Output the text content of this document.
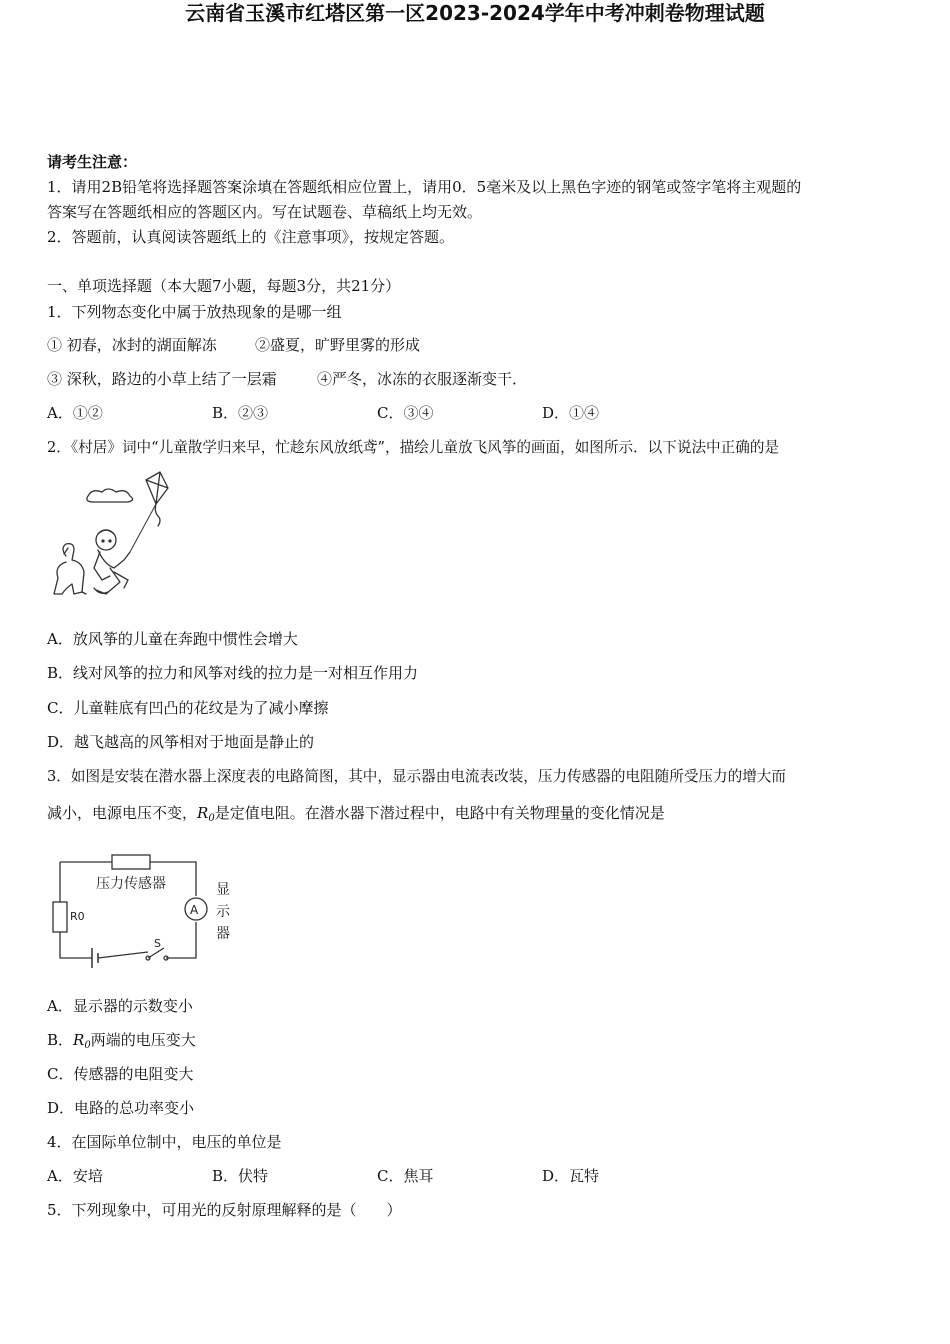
云南省玉溪市红塔区第一区2023-2024学年中考冲刺卷物理试题
请考生注意：
1．请用2B铅笔将选择题答案涂填在答题纸相应位置上，请用0．5毫米及以上黑色字迹的钢笔或签字笔将主观题的
答案写在答题纸相应的答题区内。写在试题卷、草稿纸上均无效。
2．答题前，认真阅读答题纸上的《注意事项》，按规定答题。
一、单项选择题（本大题7小题，每题3分，共21分）
1．下列物态变化中属于放热现象的是哪一组
① 初春，冰封的湖面解冻	②盛夏，旷野里雾的形成
③ 深秋，路边的小草上结了一层霜	④严冬，冰冻的衣服逐渐变干．
A．①②	B．②③	C．③④	D．①④
2．《村居》词中“儿童散学归来早，忙趁东风放纸鸢”，描绘儿童放飞风筝的画面，如图所示．以下说法中正确的是
A．放风筝的儿童在奔跑中惯性会增大
B．线对风筝的拉力和风筝对线的拉力是一对相互作用力
C．儿童鞋底有凹凸的花纹是为了减小摩擦
D．越飞越高的风筝相对于地面是静止的
3．如图是安装在潜水器上深度表的电路简图，其中，显示器由电流表改装，压力传感器的电阻随所受压力的增大而
减小，电源电压不变，$R_0$是定值电阻。在潜水器下潜过程中，电路中有关物理量的变化情况是
压力传感器
R0	A
S
显
示
器
A．显示器的示数变小
B．$R_0$两端的电压变大
C．传感器的电阻变大
D．电路的总功率变小
4．在国际单位制中，电压的单位是
A．安培	B．伏特	C．焦耳	D．瓦特
5．下列现象中，可用光的反射原理解释的是（　　）
